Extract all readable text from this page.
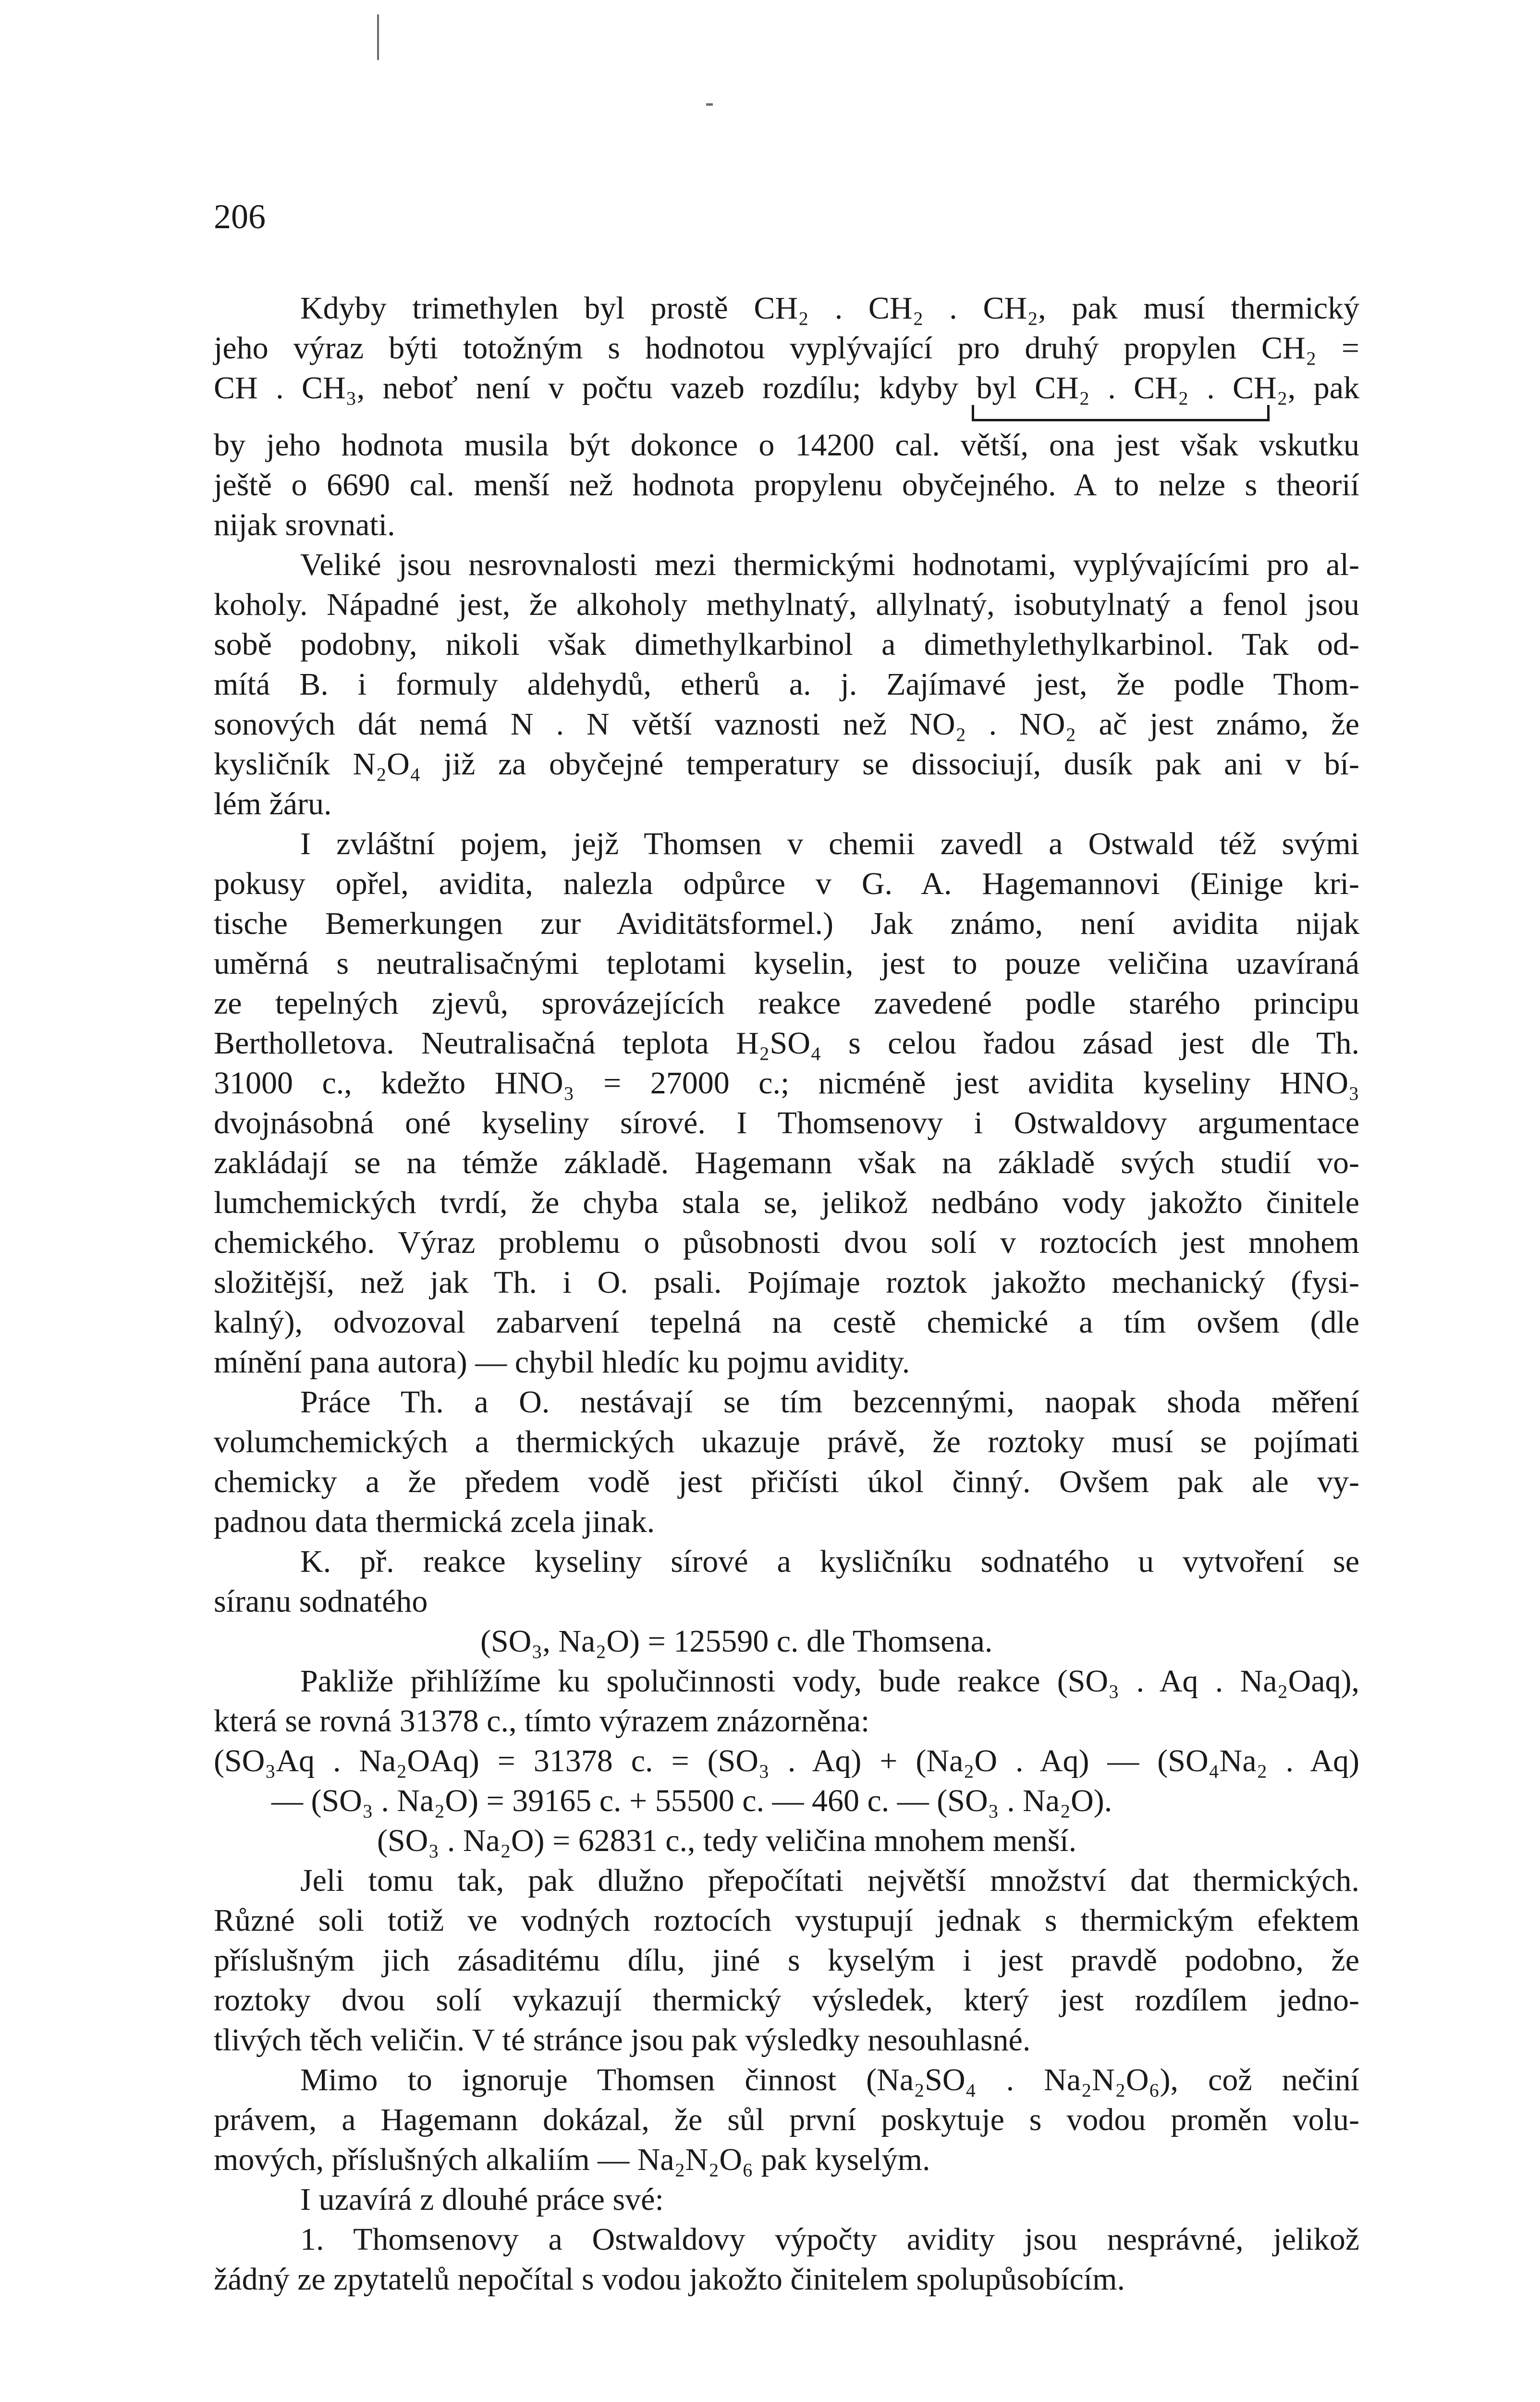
206
Kdyby trimethylen byl prostě CH₂ . CH₂ . CH₂, pak musí thermický
jeho výraz býti totožným s hodnotou vyplývající pro druhý propylen CH₂ =
CH . CH₃, neboť není v počtu vazeb rozdílu; kdyby byl CH₂ . CH₂ . CH₂, pak
by jeho hodnota musila být dokonce o 14200 cal. větší, ona jest však vskutku
ještě o 6690 cal. menší než hodnota propylenu obyčejného. A to nelze s theorií
nijak srovnati.
Veliké jsou nesrovnalosti mezi thermickými hodnotami, vyplývajícími pro al-
koholy. Nápadné jest, že alkoholy methylnatý, allylnatý, isobutylnatý a fenol jsou
sobě podobny, nikoli však dimethylkarbinol a dimethylethylkarbinol. Tak od-
mítá B. i formuly aldehydů, etherů a. j. Zajímavé jest, že podle Thom-
sonových dát nemá N . N větší vaznosti než NO₂ . NO₂ ač jest známo, že
kysličník N₂O₄ již za obyčejné temperatury se dissociují, dusík pak ani v bí-
lém žáru.
I zvláštní pojem, jejž Thomsen v chemii zavedl a Ostwald též svými
pokusy opřel, avidita, nalezla odpůrce v G. A. Hagemannovi (Einige kri-
tische Bemerkungen zur Aviditätsformel.) Jak známo, není avidita nijak
uměrná s neutralisačnými teplotami kyselin, jest to pouze veličina uzavíraná
ze tepelných zjevů, sprovázejících reakce zavedené podle starého principu
Bertholletova. Neutralisačná teplota H₂SO₄ s celou řadou zásad jest dle Th.
31000 c., kdežto HNO₃ = 27000 c.; nicméně jest avidita kyseliny HNO₃
dvojnásobná oné kyseliny sírové. I Thomsenovy i Ostwaldovy argumentace
zakládají se na témže základě. Hagemann však na základě svých studií vo-
lumchemických tvrdí, že chyba stala se, jelikož nedbáno vody jakožto činitele
chemického. Výraz problemu o působnosti dvou solí v roztocích jest mnohem
složitější, než jak Th. i O. psali. Pojímaje roztok jakožto mechanický (fysi-
kalný), odvozoval zabarvení tepelná na cestě chemické a tím ovšem (dle
mínění pana autora) — chybil hledíc ku pojmu avidity.
Práce Th. a O. nestávají se tím bezcennými, naopak shoda měření
volumchemických a thermických ukazuje právě, že roztoky musí se pojímati
chemicky a že předem vodě jest přičísti úkol činný. Ovšem pak ale vy-
padnou data thermická zcela jinak.
K. př. reakce kyseliny sírové a kysličníku sodnatého u vytvoření se
síranu sodnatého
(SO₃, Na₂O) = 125590 c. dle Thomsena.
Pakliže přihlížíme ku spolučinnosti vody, bude reakce (SO₃ . Aq . Na₂Oaq),
která se rovná 31378 c., tímto výrazem znázorněna:
(SO₃Aq . Na₂OAq) = 31378 c. = (SO₃ . Aq) + (Na₂O . Aq) — (SO₄Na₂ . Aq)
— (SO₃ . Na₂O) = 39165 c. + 55500 c. — 460 c. — (SO₃ . Na₂O).
(SO₃ . Na₂O) = 62831 c., tedy veličina mnohem menší.
Jeli tomu tak, pak dlužno přepočítati největší množství dat thermických.
Různé soli totiž ve vodných roztocích vystupují jednak s thermickým efektem
příslušným jich zásaditému dílu, jiné s kyselým i jest pravdě podobno, že
roztoky dvou solí vykazují thermický výsledek, který jest rozdílem jedno-
tlivých těch veličin. V té stránce jsou pak výsledky nesouhlasné.
Mimo to ignoruje Thomsen činnost (Na₂SO₄ . Na₂N₂O₆), což nečiní
právem, a Hagemann dokázal, že sůl první poskytuje s vodou proměn volu-
mových, příslušných alkaliím — Na₂N₂O₆ pak kyselým.
I uzavírá z dlouhé práce své:
1. Thomsenovy a Ostwaldovy výpočty avidity jsou nesprávné, jelikož
žádný ze zpytatelů nepočítal s vodou jakožto činitelem spolupůsobícím.
